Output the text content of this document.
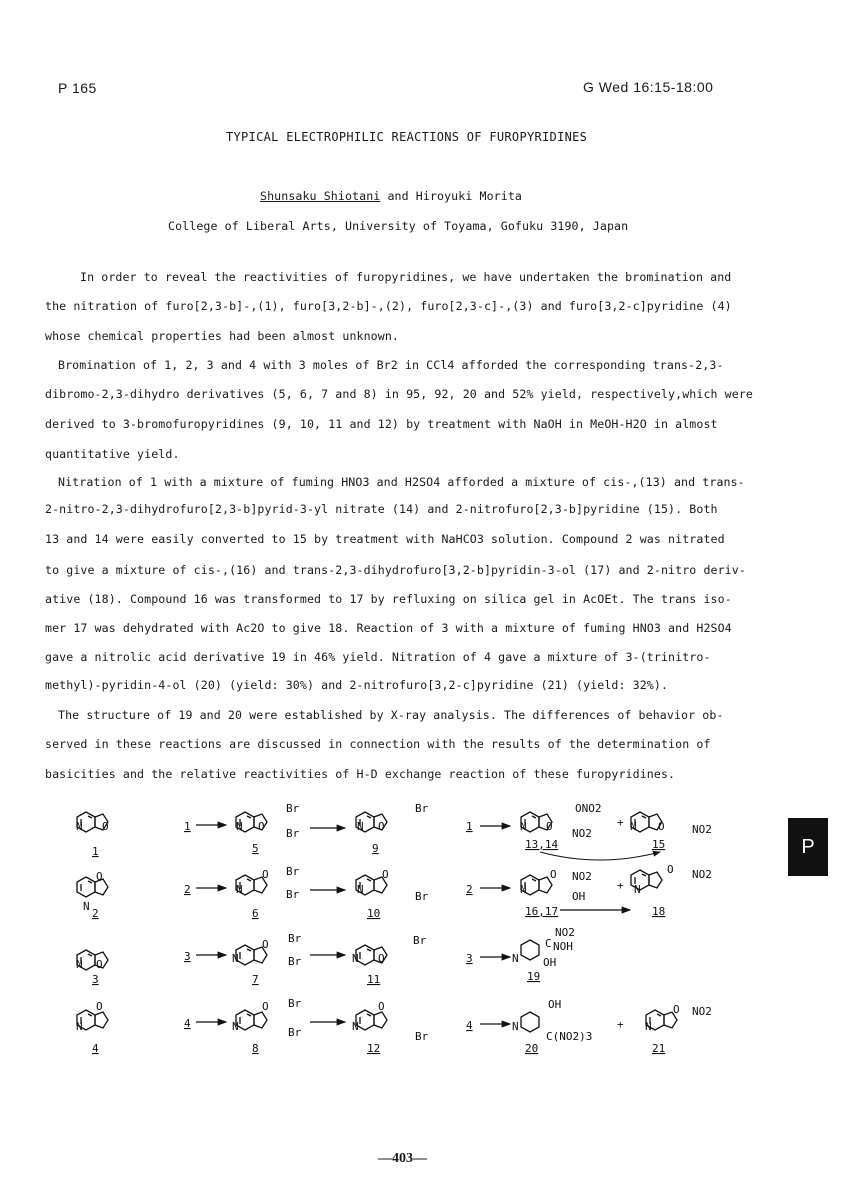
P 165	G Wed 16:15-18:00
TYPICAL ELECTROPHILIC REACTIONS OF FUROPYRIDINES
Shunsaku Shiotani and Hiroyuki Morita
College of Liberal Arts, University of Toyama, Gofuku 3190, Japan
In order to reveal the reactivities of furopyridines, we have undertaken the bromination and
the nitration of furo[2,3-b]-,(1), furo[3,2-b]-,(2), furo[2,3-c]-,(3) and furo[3,2-c]pyridine (4)
whose chemical properties had been almost unknown.
Bromination of 1, 2, 3 and 4 with 3 moles of Br2 in CCl4 afforded the corresponding trans-2,3-
dibromo-2,3-dihydro derivatives (5, 6, 7 and 8) in 95, 92, 20 and 52% yield, respectively,which were
derived to 3-bromofuropyridines (9, 10, 11 and 12) by treatment with NaOH in MeOH-H2O in almost
quantitative yield.
Nitration of 1 with a mixture of fuming HNO3 and H2SO4 afforded a mixture of cis-,(13) and trans-
2-nitro-2,3-dihydrofuro[2,3-b]pyrid-3-yl nitrate (14) and 2-nitrofuro[2,3-b]pyridine (15). Both
13 and 14 were easily converted to 15 by treatment with NaHCO3 solution. Compound 2 was nitrated
to give a mixture of cis-,(16) and trans-2,3-dihydrofuro[3,2-b]pyridin-3-ol (17) and 2-nitro deriv-
ative (18). Compound 16 was transformed to 17 by refluxing on silica gel in AcOEt. The trans iso-
mer 17 was dehydrated with Ac2O to give 18. Reaction of 3 with a mixture of fuming HNO3 and H2SO4
gave a nitrolic acid derivative 19 in 46% yield. Nitration of 4 gave a mixture of 3-(trinitro-
methyl)-pyridin-4-ol (20) (yield: 30%) and 2-nitrofuro[3,2-c]pyridine (21) (yield: 32%).
The structure of 19 and 20 were established by X-ray analysis. The differences of behavior ob-
served in these reactions are discussed in connection with the results of the determination of
basicities and the relative reactivities of H-D exchange reaction of these furopyridines.
P
1
2
3
4
5
6
7
8
9
10
11
12
13,14	15
16,17	18
19
20	21
1
2
3
4
1
2
3
4
N
N
N
N
N
N
N
N
N
N
N
N
N
N
N
N
N
N
N
O
O
O
O
O
O
O
O
O
O
O
O
O
O
O
O
O
Br
Br
Br
Br
Br
Br
Br
Br
Br
Br
Br
Br
ONO2
NO2	NO2
NO2
OH
NO2
C
NO2
NOH
OH
OH
C(NO2)3
NO2
+
+
+
—403—
